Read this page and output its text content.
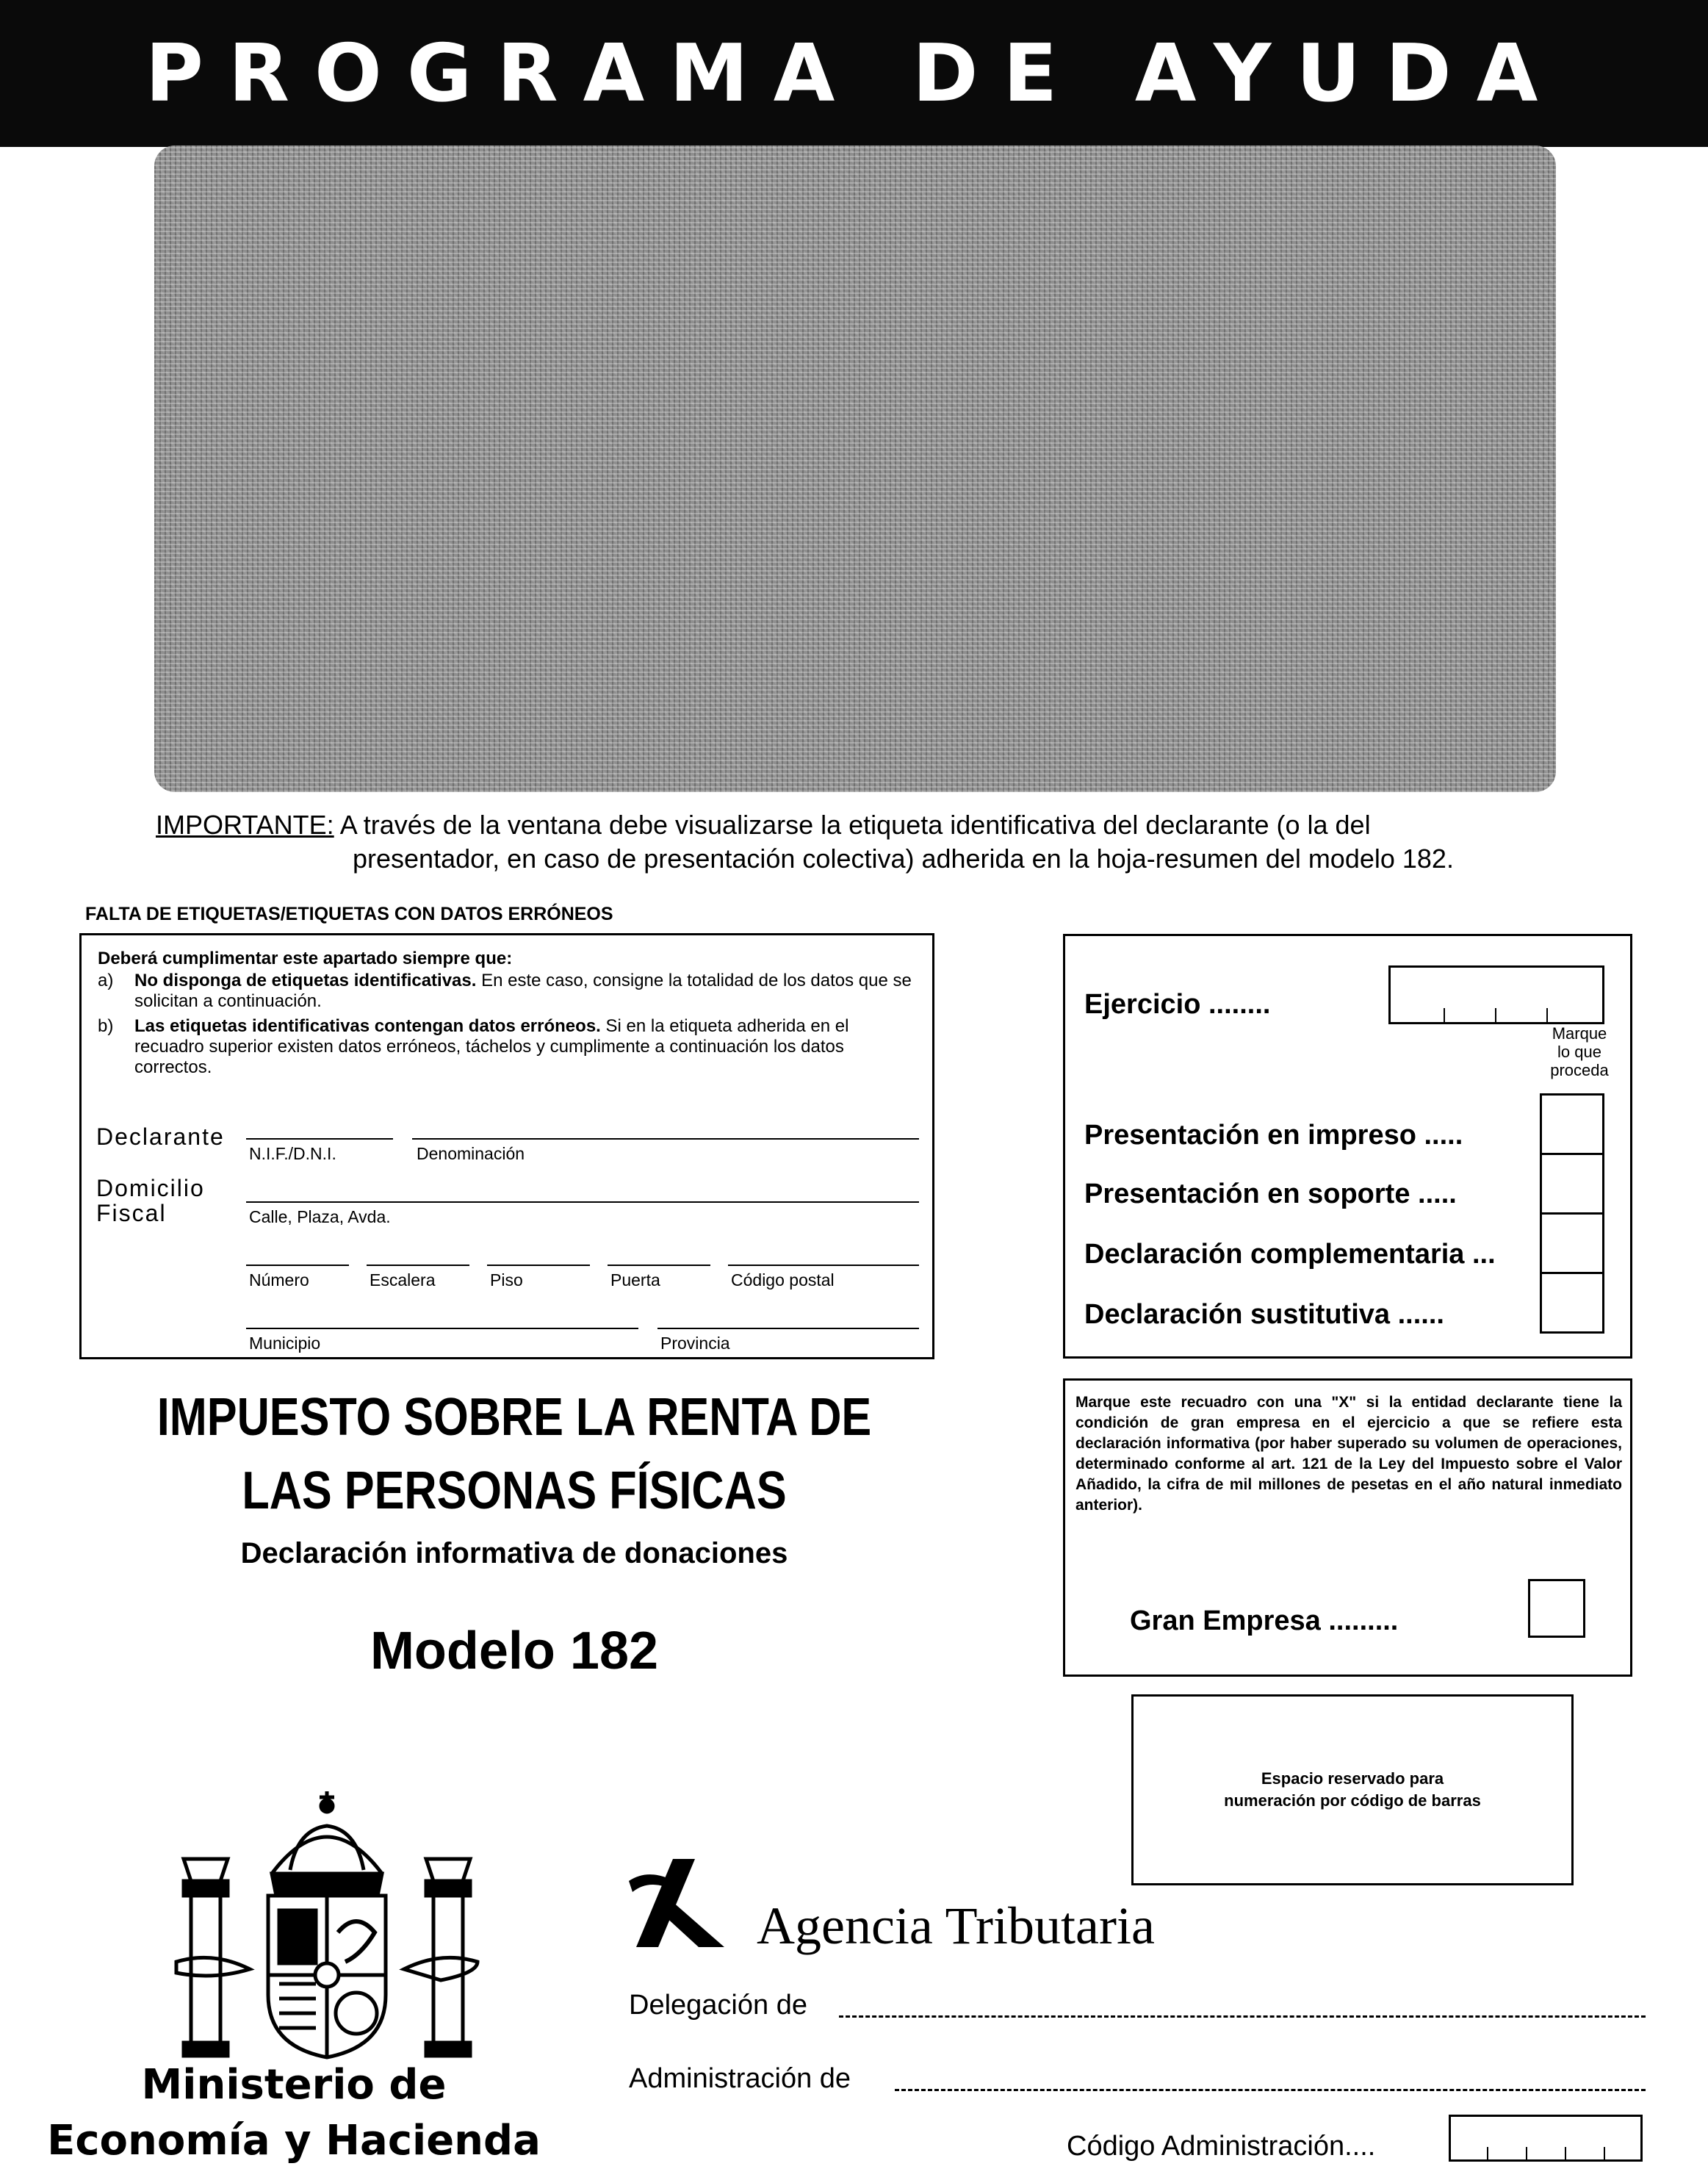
PROGRAMA DE AYUDA
IMPORTANTE: A través de la ventana debe visualizarse la etiqueta identificativa del declarante (o la del
presentador, en caso de presentación colectiva) adherida en la hoja-resumen del modelo 182.
FALTA DE ETIQUETAS/ETIQUETAS CON DATOS ERRÓNEOS
Deberá cumplimentar este apartado siempre que:
a) No disponga de etiquetas identificativas. En este caso, consigne la totalidad de los datos que se solicitan a continuación.
b) Las etiquetas identificativas contengan datos erróneos. Si en la etiqueta adherida en el recuadro superior existen datos erróneos, táchelos y cumplimente a continuación los datos correctos.
Declarante
N.I.F./D.N.I.	Denominación
Domicilio
Fiscal	Calle, Plaza, Avda.
Número	Escalera	Piso	Puerta	Código postal
Municipio	Provincia
Ejercicio ........
Marque
lo que
proceda
Presentación en impreso .....
Presentación en soporte .....
Declaración complementaria ...
Declaración sustitutiva ......
IMPUESTO SOBRE LA RENTA DE
LAS PERSONAS FÍSICAS
Declaración informativa de donaciones
Modelo 182
Marque este recuadro con una "X" si la entidad declarante tiene la condición de gran empresa en el ejercicio a que se refiere esta declaración informativa (por haber superado su volumen de operaciones, determinado conforme al art. 121 de la Ley del Impuesto sobre el Valor Añadido, la cifra de mil millones de pesetas en el año natural inmediato anterior).
Gran Empresa .........
Espacio reservado para
numeración por código de barras
Ministerio de
Economía y Hacienda
Agencia Tributaria
Delegación de
Administración de
Código Administración....
